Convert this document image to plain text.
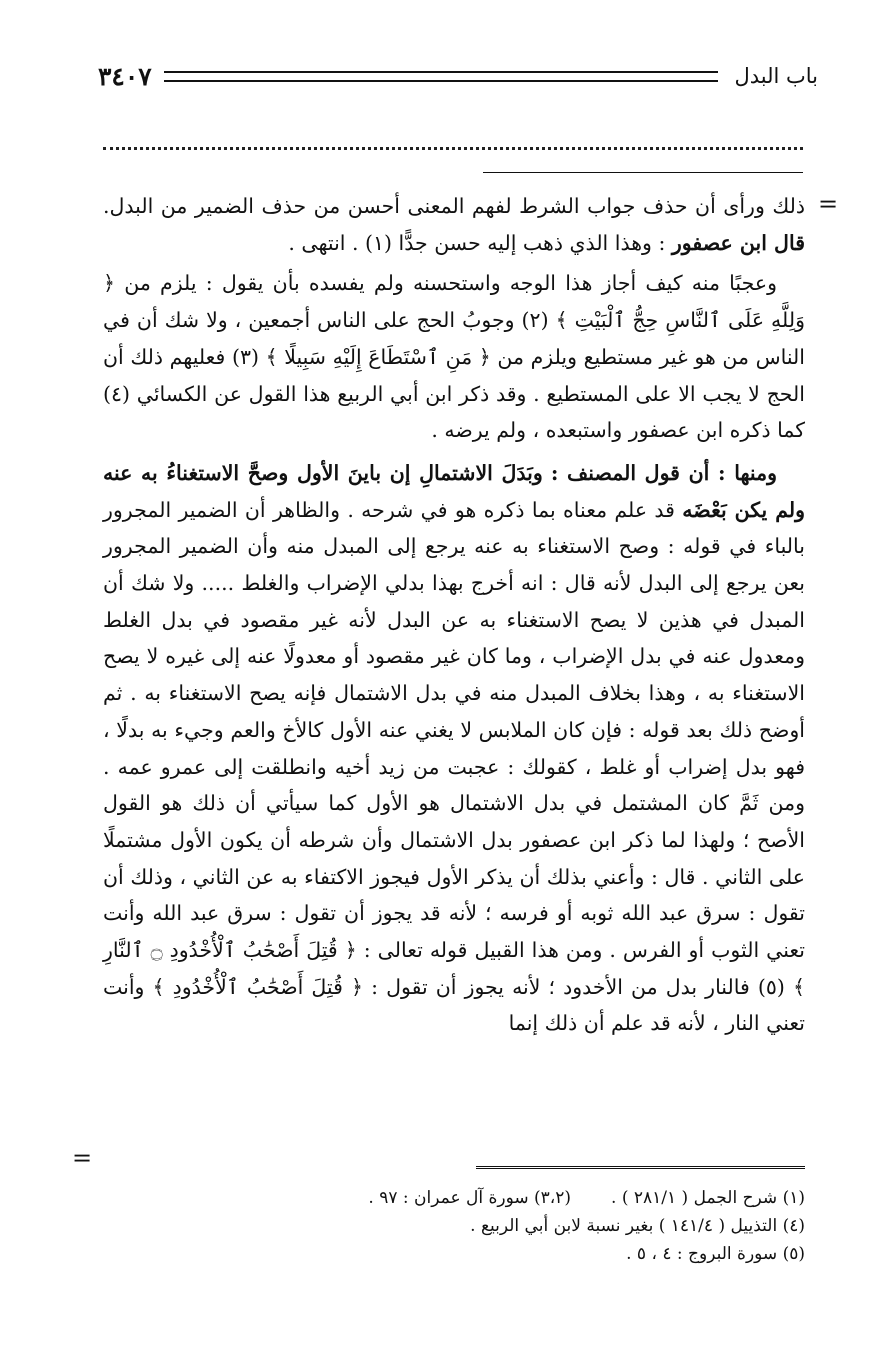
باب البدل
٣٤٠٧
=

ذلك ورأى أن حذف جواب الشرط لفهم المعنى أحسن من حذف الضمير من البدل. قال ابن عصفور : وهذا الذي ذهب إليه حسن جدًّا (١) . انتهى .

وعجبًا منه كيف أجاز هذا الوجه واستحسنه ولم يفسده بأن يقول : يلزم من ﴿ وَلِلَّهِ عَلَى ٱلنَّاسِ حِجُّ ٱلْبَيْتِ ﴾ (٢) وجوبُ الحج على الناس أجمعين ، ولا شك أن في الناس من هو غير مستطيع ويلزم من ﴿ مَنِ ٱسْتَطَاعَ إِلَيْهِ سَبِيلًا ﴾ (٣) فعليهم ذلك أن الحج لا يجب الا على المستطيع . وقد ذكر ابن أبي الربيع هذا القول عن الكسائي (٤) كما ذكره ابن عصفور واستبعده ، ولم يرضه .

ومنها : أن قول المصنف : وبَدَلَ الاشتمالِ إن باينَ الأول وصحَّ الاستغناءُ به عنه ولم يكن بَعْضَه قد علم معناه بما ذكره هو في شرحه . والظاهر أن الضمير المجرور بالباء في قوله : وصح الاستغناء به عنه يرجع إلى المبدل منه وأن الضمير المجرور بعن يرجع إلى البدل لأنه قال : انه أخرج بهذا بدلي الإضراب والغلط ..... ولا شك أن المبدل في هذين لا يصح الاستغناء به عن البدل لأنه غير مقصود في بدل الغلط ومعدول عنه في بدل الإضراب ، وما كان غير مقصود أو معدولًا عنه إلى غيره لا يصح الاستغناء به ، وهذا بخلاف المبدل منه في بدل الاشتمال فإنه يصح الاستغناء به . ثم أوضح ذلك بعد قوله : فإن كان الملابس لا يغني عنه الأول كالأخ والعم وجيء به بدلًا ، فهو بدل إضراب أو غلط ، كقولك : عجبت من زيد أخيه وانطلقت إلى عمرو عمه . ومن ثَمَّ كان المشتمل في بدل الاشتمال هو الأول كما سيأتي أن ذلك هو القول الأصح ؛ ولهذا لما ذكر ابن عصفور بدل الاشتمال وأن شرطه أن يكون الأول مشتملًا على الثاني . قال : وأعني بذلك أن يذكر الأول فيجوز الاكتفاء به عن الثاني ، وذلك أن تقول : سرق عبد الله ثوبه أو فرسه ؛ لأنه قد يجوز أن تقول : سرق عبد الله وأنت تعني الثوب أو الفرس . ومن هذا القبيل قوله تعالى : ﴿ قُتِلَ أَصْحَٰبُ ٱلْأُخْدُودِ ۝ ٱلنَّارِ ﴾ (٥) فالنار بدل من الأخدود ؛ لأنه يجوز أن تقول : ﴿ قُتِلَ أَصْحَٰبُ ٱلْأُخْدُودِ ﴾ وأنت تعني النار ، لأنه قد علم أن ذلك إنما

=
(١) شرح الجمل ( ٢٨١/١ ) .
(٣،٢) سورة آل عمران : ٩٧ .
(٤) التذييل ( ١٤١/٤ ) بغير نسبة لابن أبي الربيع .
(٥) سورة البروج : ٤ ، ٥ .
